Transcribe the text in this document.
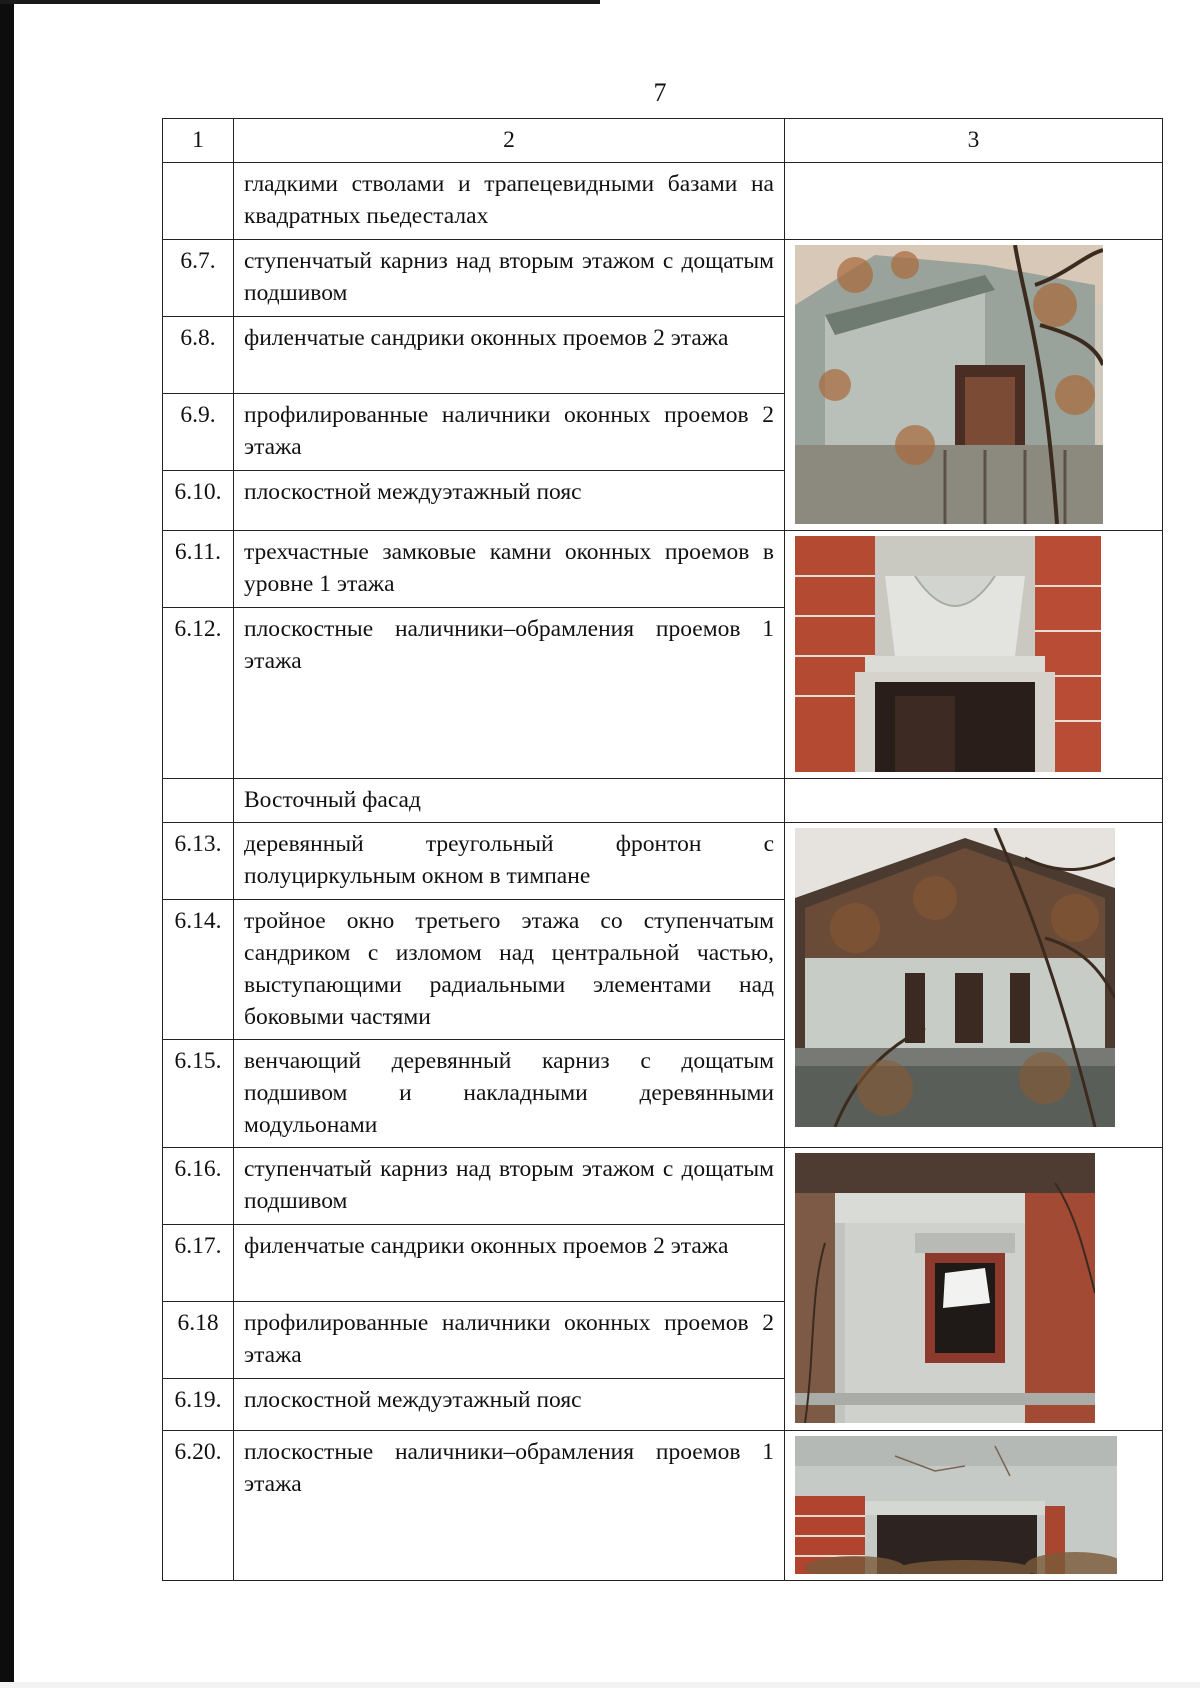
7
1	2	3
	гладкими стволами и трапецевидными базами на квадратных пьедесталах	
6.7.	ступенчатый карниз над вторым этажом с дощатым подшивом	

6.8.	филенчатые сандрики оконных проемов 2 этажа	
6.9.	профилированные наличники оконных проемов 2 этажа	
6.10.	плоскостной междуэтажный пояс	
6.11.	трехчастные замковые камни оконных проемов в уровне 1 этажа	

6.12.	плоскостные наличники–обрамления проемов 1 этажа	
	Восточный фасад	
6.13.	деревянный треугольный фронтон с полуциркульным окном в тимпане	

6.14.	тройное окно третьего этажа со ступенчатым сандриком с изломом над центральной частью, выступающими радиальными элементами над боковыми частями	
6.15.	венчающий деревянный карниз с дощатым подшивом и накладными деревянными модульонами	
6.16.	ступенчатый карниз над вторым этажом с дощатым подшивом	

6.17.	филенчатые сандрики оконных проемов 2 этажа	
6.18	профилированные наличники оконных проемов 2 этажа	
6.19.	плоскостной междуэтажный пояс	
6.20.	плоскостные наличники–обрамления проемов 1 этажа	
